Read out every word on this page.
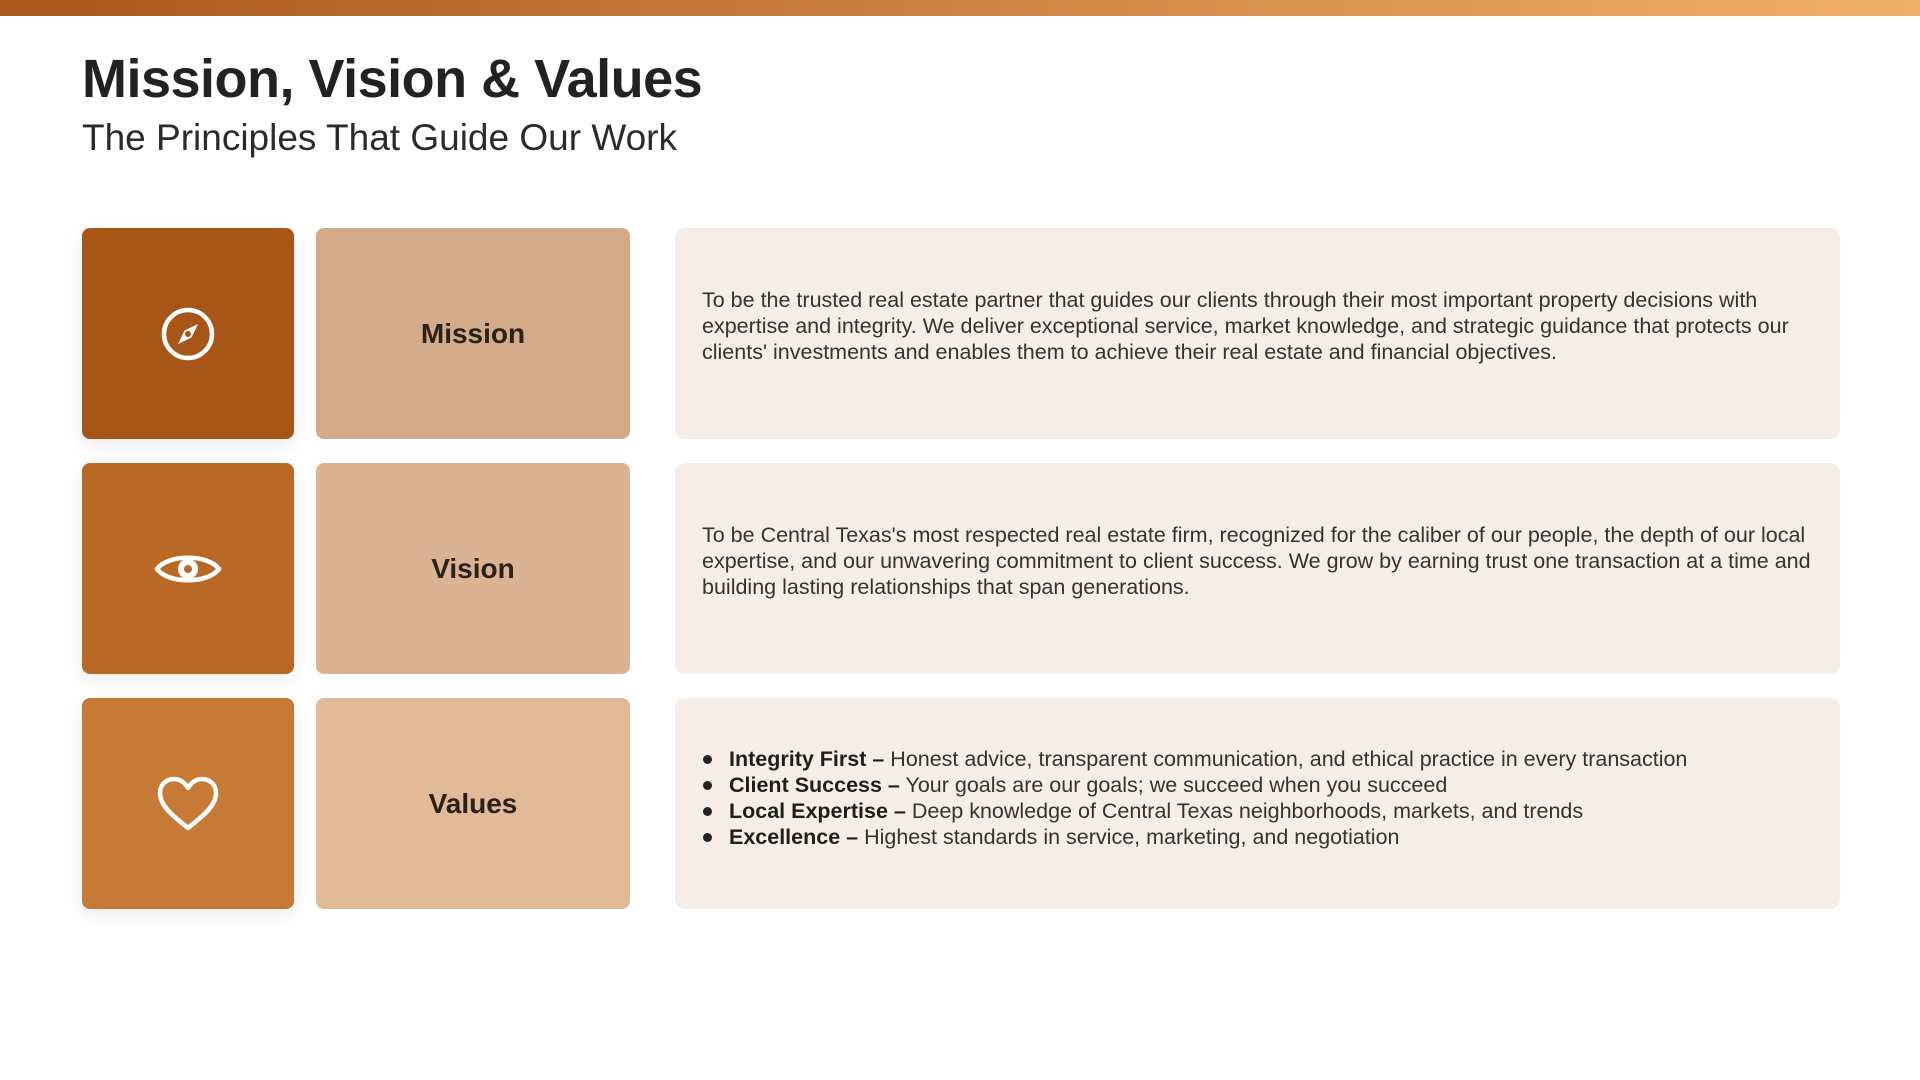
Mission, Vision & Values
The Principles That Guide Our Work
Mission

To be the trusted real estate partner that guides our clients through their most important property decisions with expertise and integrity. We deliver exceptional service, market knowledge, and strategic guidance that protects our clients' investments and enables them to achieve their real estate and financial objectives.

Vision

To be Central Texas's most respected real estate firm, recognized for the caliber of our people, the depth of our local expertise, and our unwavering commitment to client success. We grow by earning trust one transaction at a time and building lasting relationships that span generations.

Values
Integrity First – Honest advice, transparent communication, and ethical practice in every transaction
Client Success – Your goals are our goals; we succeed when you succeed
Local Expertise – Deep knowledge of Central Texas neighborhoods, markets, and trends
Excellence – Highest standards in service, marketing, and negotiation
